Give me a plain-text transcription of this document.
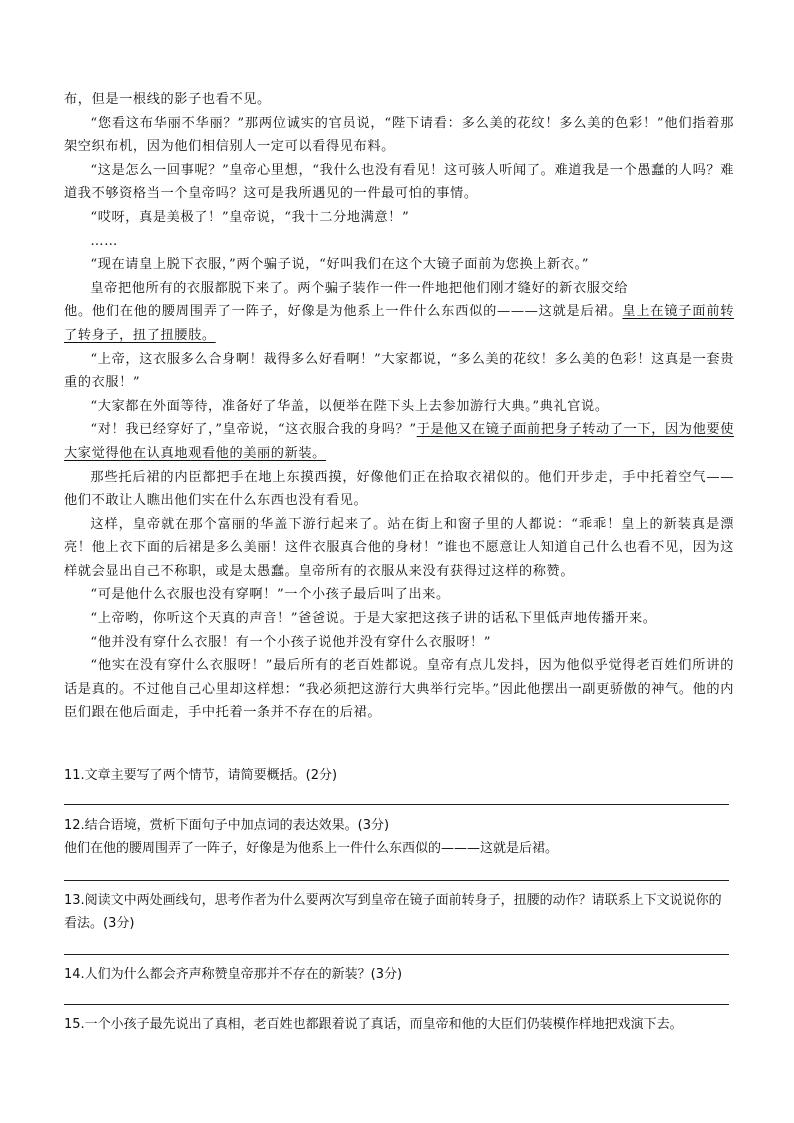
布，但是一根线的影子也看不见。

“您看这布华丽不华丽？”那两位诚实的官员说，“陛下请看：多么美的花纹！多么美的色彩！”他们指着那架空织布机，因为他们相信别人一定可以看得见布料。

“这是怎么一回事呢？”皇帝心里想，“我什么也没有看见！这可骇人听闻了。难道我是一个愚蠢的人吗？难道我不够资格当一个皇帝吗？这可是我所遇见的一件最可怕的事情。

“哎呀，真是美极了！”皇帝说，“我十二分地满意！”

……

“现在请皇上脱下衣服，”两个骗子说，“好叫我们在这个大镜子面前为您换上新衣。”

皇帝把他所有的衣服都脱下来了。两个骗子装作一件一件地把他们刚才缝好的新衣服交给

他。他们在他的腰周围弄了一阵子，好像是为他系上一件什么东西似的———这就是后裙。皇上在镜子面前转了转身子，扭了扭腰肢。

“上帝，这衣服多么合身啊！裁得多么好看啊！”大家都说，“多么美的花纹！多么美的色彩！这真是一套贵重的衣服！”

“大家都在外面等待，准备好了华盖，以便举在陛下头上去参加游行大典。”典礼官说。

“对！我已经穿好了，”皇帝说，“这衣服合我的身吗？”于是他又在镜子面前把身子转动了一下，因为他要使大家觉得他在认真地观看他的美丽的新装。

那些托后裙的内臣都把手在地上东摸西摸，好像他们正在拾取衣裙似的。他们开步走，手中托着空气——他们不敢让人瞧出他们实在什么东西也没有看见。

这样，皇帝就在那个富丽的华盖下游行起来了。站在街上和窗子里的人都说：“乖乖！皇上的新装真是漂亮！他上衣下面的后裙是多么美丽！这件衣服真合他的身材！”谁也不愿意让人知道自己什么也看不见，因为这样就会显出自己不称职，或是太愚蠢。皇帝所有的衣服从来没有获得过这样的称赞。

“可是他什么衣服也没有穿啊！”一个小孩子最后叫了出来。

“上帝哟，你听这个天真的声音！”爸爸说。于是大家把这孩子讲的话私下里低声地传播开来。

“他并没有穿什么衣服！有一个小孩子说他并没有穿什么衣服呀！”

“他实在没有穿什么衣服呀！”最后所有的老百姓都说。皇帝有点儿发抖，因为他似乎觉得老百姓们所讲的话是真的。不过他自己心里却这样想：“我必须把这游行大典举行完毕。”因此他摆出一副更骄傲的神气。他的内臣们跟在他后面走，手中托着一条并不存在的后裙。

11.文章主要写了两个情节，请简要概括。(2分)

12.结合语境，赏析下面句子中加点词的表达效果。(3分)

他们在他的腰周围弄了一阵子，好像是为他系上一件什么东西似的———这就是后裙。

13.阅读文中两处画线句，思考作者为什么要两次写到皇帝在镜子面前转身子，扭腰的动作？请联系上下文说说你的看法。(3分)

14.人们为什么都会齐声称赞皇帝那并不存在的新装？(3分)

15.一个小孩子最先说出了真相，老百姓也都跟着说了真话，而皇帝和他的大臣们仍装模作样地把戏演下去。
